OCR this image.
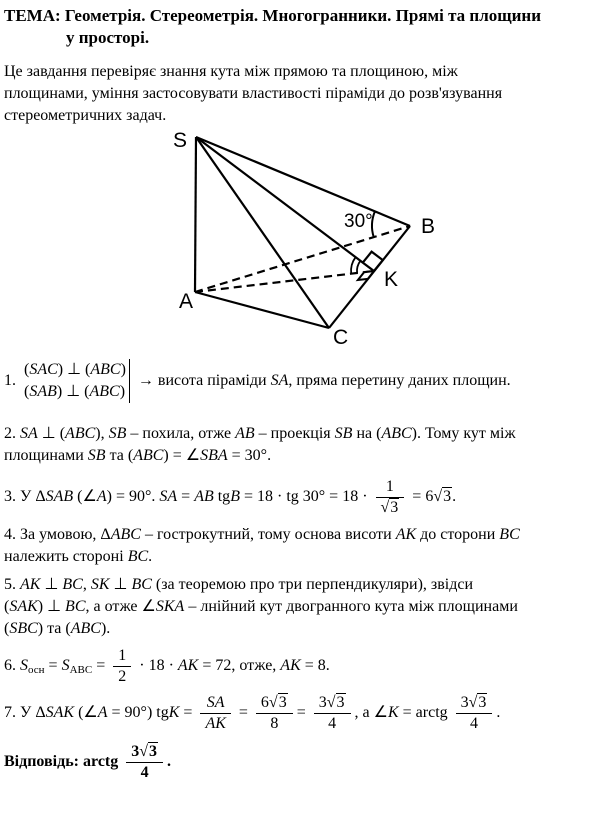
ТЕМА: Геометрія. Стереометрія. Многогранники. Прямі та площини
у просторі.
Це завдання перевіряє знання кута між прямою та площиною, між
площинами, уміння застосовувати властивості піраміди до розв'язування
стереометричних задач.
S
A
B
C
K
30°
1.
(SAC) ⊥ (ABC)
(SAB) ⊥ (ABC)
→ висота піраміди SA, пряма перетину даних площин.
2. SA ⊥ (ABC), SB – похила, отже AB – проекція SB на (ABC). Тому кут між
площинами SB та (ABC) = ∠SBA = 30°.
3. У ΔSAB (∠A) = 90°. SA = AB tgB = 18 · tg $30^\circ = 18 \cdot \frac{1}{√3} = 6√3$.
4. За умовою, ΔABC – гострокутний, тому основа висоти AK до сторони BC
належить стороні BC.
5. AK ⊥ BC, SK ⊥ BC (за теоремою про три перпендикуляри), звідси
(SAK) ⊥ BC, а отже ∠SKA – лнійний кут двогранного кута між площинами
(SBC) та (ABC).
6. $S_{осн} = S_{ABC} = \frac{1}{2} \cdot 18$ · AK = 72, отже, AK = 8.
7. У ΔSAK (∠A = 90°) tgK = $\frac{SA}{AK} = \frac{6√3}{8} = \frac{3√3}{4}$ , а ∠K = arctg $\frac{3√3}{4}$ .
Відповідь: arctg $\frac{3√3}{4}$ .
